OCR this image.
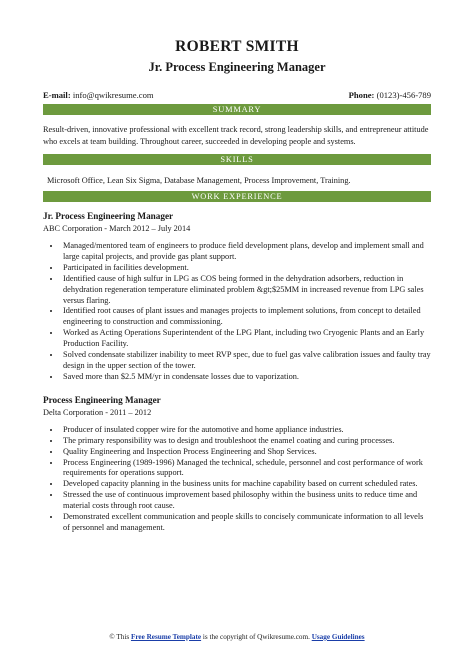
ROBERT SMITH
Jr. Process Engineering Manager
E-mail: info@qwikresume.com	Phone: (0123)-456-789
SUMMARY

Result-driven, innovative professional with excellent track record, strong leadership skills, and entrepreneur attitude who excels at team building. Throughout career, succeeded in developing people and systems.

SKILLS

Microsoft Office, Lean Six Sigma, Database Management, Process Improvement, Training.

WORK EXPERIENCE

Jr. Process Engineering Manager

ABC Corporation - March 2012 – July 2014

• Managed/mentored team of engineers to produce field development plans, develop and implement small and large capital projects, and provide gas plant support.
• Participated in facilities development.
• Identified cause of high sulfur in LPG as COS being formed in the dehydration adsorbers, reduction in dehydration regeneration temperature eliminated problem &gt;$25MM in increased revenue from LPG sales versus flaring.
• Identified root causes of plant issues and manages projects to implement solutions, from concept to detailed engineering to construction and commissioning.
• Worked as Acting Operations Superintendent of the LPG Plant, including two Cryogenic Plants and an Early Production Facility.
• Solved condensate stabilizer inability to meet RVP spec, due to fuel gas valve calibration issues and faulty tray design in the upper section of the tower.
• Saved more than $2.5 MM/yr in condensate losses due to vaporization.

Process Engineering Manager

Delta Corporation - 2011 – 2012

• Producer of insulated copper wire for the automotive and home appliance industries.
• The primary responsibility was to design and troubleshoot the enamel coating and curing processes.
• Quality Engineering and Inspection Process Engineering and Shop Services.
• Process Engineering (1989-1996) Managed the technical, schedule, personnel and cost performance of work requirements for operations support.
• Developed capacity planning in the business units for machine capability based on current scheduled rates.
• Stressed the use of continuous improvement based philosophy within the business units to reduce time and material costs through root cause.
• Demonstrated excellent communication and people skills to concisely communicate information to all levels of personnel and management.
© This Free Resume Template is the copyright of Qwikresume.com. Usage Guidelines
